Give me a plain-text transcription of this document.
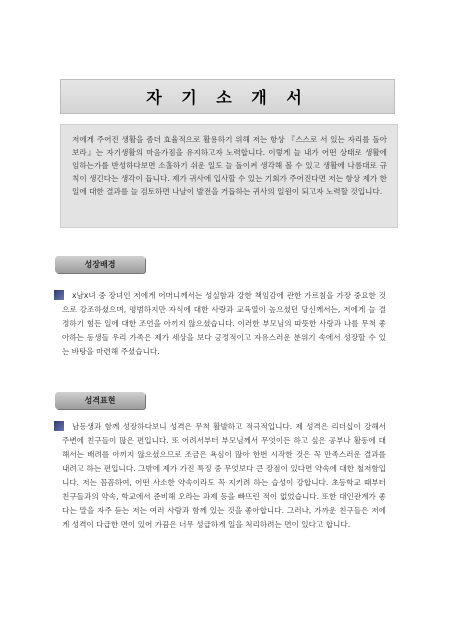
자 기 소 개 서
저에게 주어진 생활을 좀더 효율적으로 활용하기 위해 저는 항상 『스스로 서 있는 자리를 돌아 보라』는 자기생활의 마음가짐을 유지하고자 노력합니다. 이렇게 늘 내가 어떤 상태로 생활에 임하는가를 반성하다보면 소홀하기 쉬운 일도 늘 돌이켜 생각해 볼 수 있고 생활에 나름대로 규칙이 생긴다는 생각이 듭니다. 제가 귀사에 입사할 수 있는 기회가 주어진다면 저는 항상 제가 한 일에 대한 결과를 늘 검토하면 나날이 발전을 거듭하는 귀사의 일원이 되고자 노력할 것입니다.
성장배경
x남x녀 중 장녀인 저에게 어머니께서는 성실함과 강한 책임감에 관한 가르침을 가장 중요한 것으로 강조하셨으며, 평범하지만 자식에 대한 사랑과 교육열이 높으셨던 당신께서는, 저에게 늘 결정하기 힘든 일에 대한 조언을 아끼지 않으셨습니다. 이러한 부모님의 따뜻한 사랑과 나를 무척 좋아하는 동생들 우리 가족은 제가 세상을 보다 긍정적이고 자유스러운 분위기 속에서 성장할 수 있는 바탕을 마련해 주셨습니다.
성격표현
남동생과 함께 성장하다보니 성격은 무척 활발하고 적극적입니다. 제 성격은 리더십이 강해서 주변에 친구들이 많은 편입니다. 또 어려서부터 부모님께서 무엇이든 하고 싶은 공부나 활동에 대해서는 배려를 아끼지 않으셨으므로 조금은 욕심이 많아 한번 시작한 것은 꼭 만족스러운 결과를 내려고 하는 편입니다. 그밖에 제가 가진 특징 중 무엇보다 큰 장점이 있다면 약속에 대한 철저함입니다. 저는 꼼꼼하여, 어떤 사소한 약속이라도 꼭 지키려 하는 습성이 강합니다. 초등학교 때부터 친구들과의 약속, 학교에서 준비해 오라는 과제 등을 빠뜨린 적이 없었습니다. 또한 대인관계가 좋다는 말을 자주 듣는 저는 여러 사람과 함께 있는 것을 좋아합니다. 그러나, 가까운 친구들은 저에게 성격이 다급한 면이 있어 가끔은 너무 성급하게 일을 처리하려는 면이 있다고 합니다.
